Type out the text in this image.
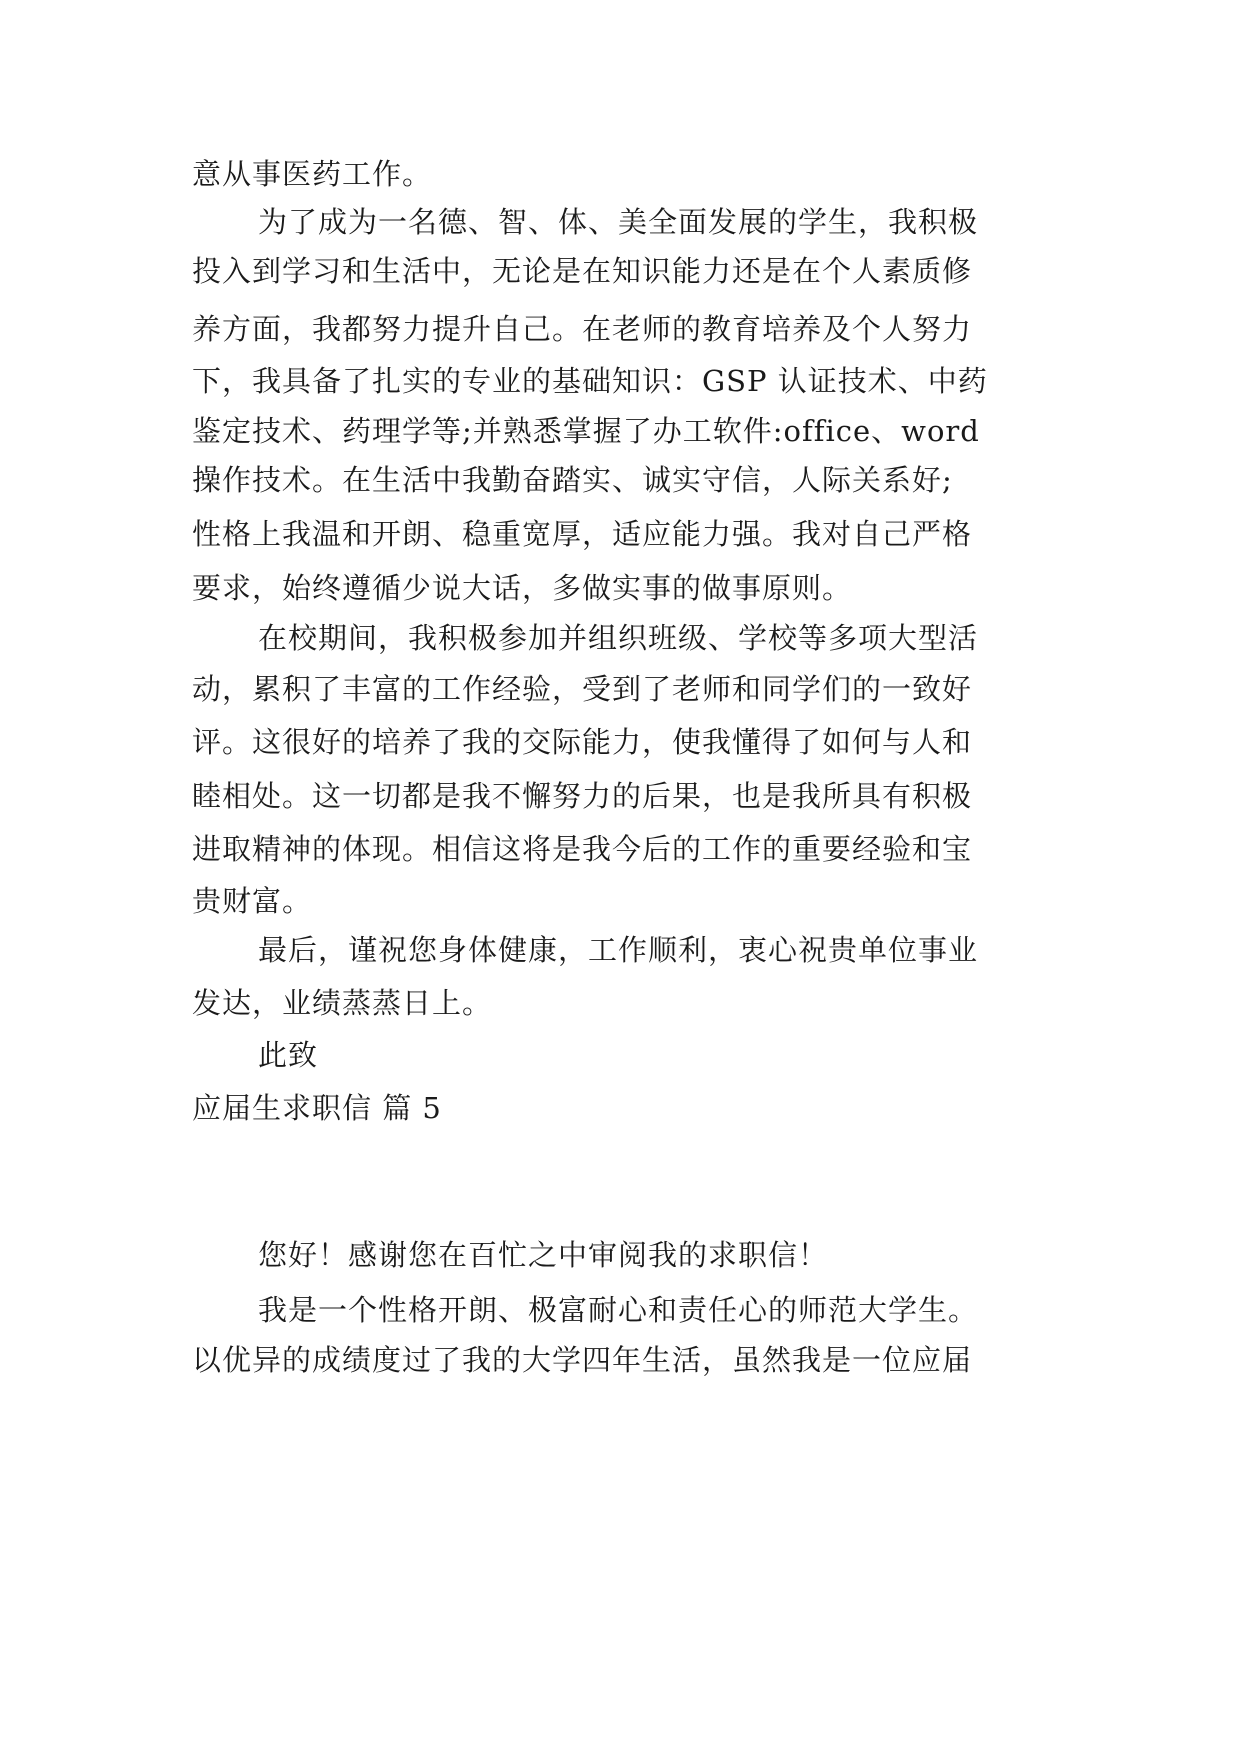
意从事医药工作。
为了成为一名德、智、体、美全面发展的学生，我积极
投入到学习和生活中，无论是在知识能力还是在个人素质修
养方面，我都努力提升自己。在老师的教育培养及个人努力
下，我具备了扎实的专业的基础知识：GSP 认证技术、中药
鉴定技术、药理学等;并熟悉掌握了办工软件:office、word
操作技术。在生活中我勤奋踏实、诚实守信，人际关系好;
性格上我温和开朗、稳重宽厚，适应能力强。我对自己严格
要求，始终遵循少说大话，多做实事的做事原则。
在校期间，我积极参加并组织班级、学校等多项大型活
动，累积了丰富的工作经验，受到了老师和同学们的一致好
评。这很好的培养了我的交际能力，使我懂得了如何与人和
睦相处。这一切都是我不懈努力的后果，也是我所具有积极
进取精神的体现。相信这将是我今后的工作的重要经验和宝
贵财富。
最后，谨祝您身体健康，工作顺利，衷心祝贵单位事业
发达，业绩蒸蒸日上。
此致
应届生求职信 篇 5
您好！感谢您在百忙之中审阅我的求职信！
我是一个性格开朗、极富耐心和责任心的师范大学生。
以优异的成绩度过了我的大学四年生活，虽然我是一位应届
